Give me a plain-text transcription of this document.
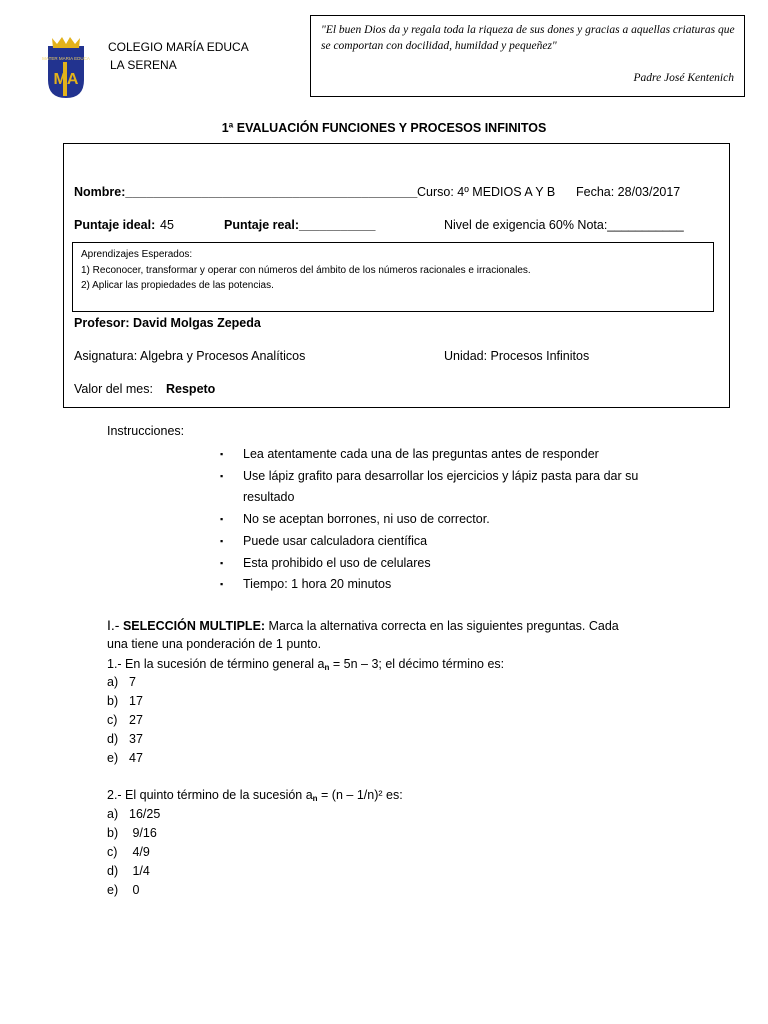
MATER MARIA EDUCA
MA
COLEGIO MARÍA EDUCA
LA SERENA
"El buen Dios da y regala toda la riqueza de sus dones y gracias a aquellas criaturas que se comportan con docilidad, humildad y pequeñez"
Padre José Kentenich
1ª EVALUACIÓN FUNCIONES Y PROCESOS INFINITOS
Nombre:__________________________________________ Curso: 4º MEDIOS A Y B Fecha: 28/03/2017
Puntaje ideal: 45	Puntaje real:___________	Nivel de exigencia 60% Nota:___________
Aprendizajes Esperados:
1) Reconocer, transformar y operar con números del ámbito de los números racionales e irracionales.
2) Aplicar las propiedades de las potencias.
Profesor: David Molgas Zepeda
Asignatura: Algebra y Procesos Analíticos	Unidad: Procesos Infinitos
Valor del mes: Respeto
Instrucciones:
▪ Lea atentamente cada una de las preguntas antes de responder
▪ Use lápiz grafito para desarrollar los ejercicios y lápiz pasta para dar su resultado
▪ No se aceptan borrones, ni uso de corrector.
▪ Puede usar calculadora científica
▪ Esta prohibido el uso de celulares
▪ Tiempo: 1 hora 20 minutos
I.- SELECCIÓN MULTIPLE: Marca la alternativa correcta en las siguientes preguntas. Cada
una tiene una ponderación de 1 punto.
1.- En la sucesión de término general $a_n = 5n - 3$; el décimo término es:
a) 7
b) 17
c) 27
d) 37
e) 47
2.- El quinto término de la sucesión $a_n = (n - 1/n)^2$ es:
a) 16/25
b) 9/16
c) 4/9
d) 1/4
e) 0
